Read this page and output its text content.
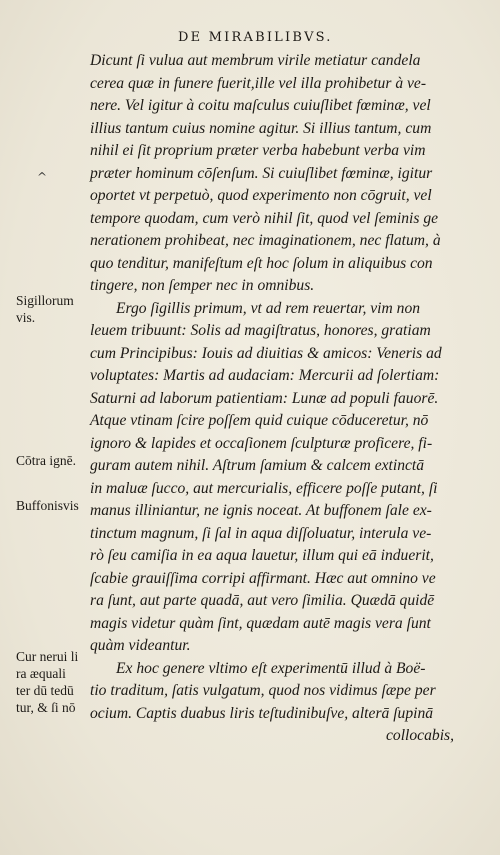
DE MIRABILIBVS.
Sigillorum
vis.
Cōtra ignē.
Buffonisvis
Cur nerui li
ra æquali
ter dū tedū
tur, & ſi nō
^
Dicunt ſi vulua aut membrum virile metiatur candela
cerea quæ in funere fuerit,ille vel illa prohibetur à ve-
nere. Vel igitur à coitu maſculus cuiuſlibet fœminæ, vel
illius tantum cuius nomine agitur. Si illius tantum, cum
nihil ei ſit proprium præter verba habebunt verba vim
præter hominum cōſenſum. Si cuiuſlibet fœminæ, igitur
oportet vt perpetuò, quod experimento non cōgruit, vel
tempore quodam, cum verò nihil ſit, quod vel ſeminis ge
nerationem prohibeat, nec imaginationem, nec flatum, à
quo tenditur, manifeſtum eſt hoc ſolum in aliquibus con
tingere, non ſemper nec in omnibus.
Ergo ſigillis primum, vt ad rem reuertar, vim non
leuem tribuunt: Solis ad magiſtratus, honores, gratiam
cum Principibus: Iouis ad diuitias & amicos: Veneris ad
voluptates: Martis ad audaciam: Mercurii ad ſolertiam:
Saturni ad laborum patientiam: Lunæ ad populi fauorē.
Atque vtinam ſcire poſſem quid cuique cōduceretur, nō
ignoro & lapides et occaſionem ſculpturæ proficere, fi-
guram autem nihil. Aſtrum ſamium & calcem extinctā
in maluæ ſucco, aut mercurialis, efficere poſſe putant, ſi
manus illiniantur, ne ignis noceat. At buffonem ſale ex-
tinctum magnum, ſi ſal in aqua diſſoluatur, interula ve-
rò ſeu camiſia in ea aqua lauetur, illum qui eā induerit,
ſcabie grauiſſima corripi affirmant. Hæc aut omnino ve
ra ſunt, aut parte quadā, aut vero ſimilia. Quædā quidē
magis videtur quàm ſint, quædam autē magis vera ſunt
quàm videantur.
Ex hoc genere vltimo eſt experimentū illud à Boë-
tio traditum, ſatis vulgatum, quod nos vidimus ſæpe per
ocium. Captis duabus liris teſtudinibuſve, alterā ſupinā
collocabis,
